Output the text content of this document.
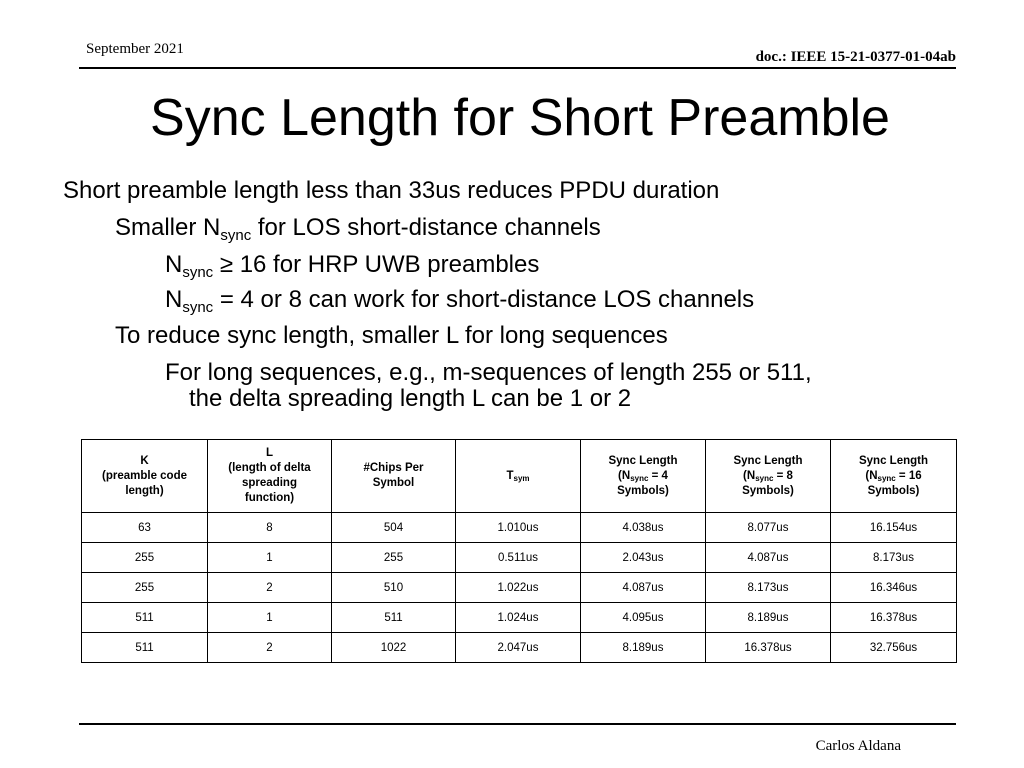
September 2021	doc.: IEEE 15-21-0377-01-04ab
Sync Length for Short Preamble
Short preamble length less than 33us reduces PPDU duration
Smaller $N_{sync}$ for LOS short-distance channels
$N_{sync} \ge 16$ for HRP UWB preambles
$N_{sync} = 4$ or 8 can work for short-distance LOS channels
To reduce sync length, smaller L for long sequences
For long sequences, e.g., m-sequences of length 255 or 511,
the delta spreading length L can be 1 or 2
K
(preamble code
length)	L
(length of delta
spreading
function)	#Chips Per
Symbol	$T_{sym}$	Sync Length
($N_{sync} = 4$
Symbols)	Sync Length
($N_{sync} = 8$
Symbols)	Sync Length
($N_{sync} = 16$
Symbols)
63	8	504	1.010us	4.038us	8.077us	16.154us
255	1	255	0.511us	2.043us	4.087us	8.173us
255	2	510	1.022us	4.087us	8.173us	16.346us
511	1	511	1.024us	4.095us	8.189us	16.378us
511	2	1022	2.047us	8.189us	16.378us	32.756us
Carlos Aldana
